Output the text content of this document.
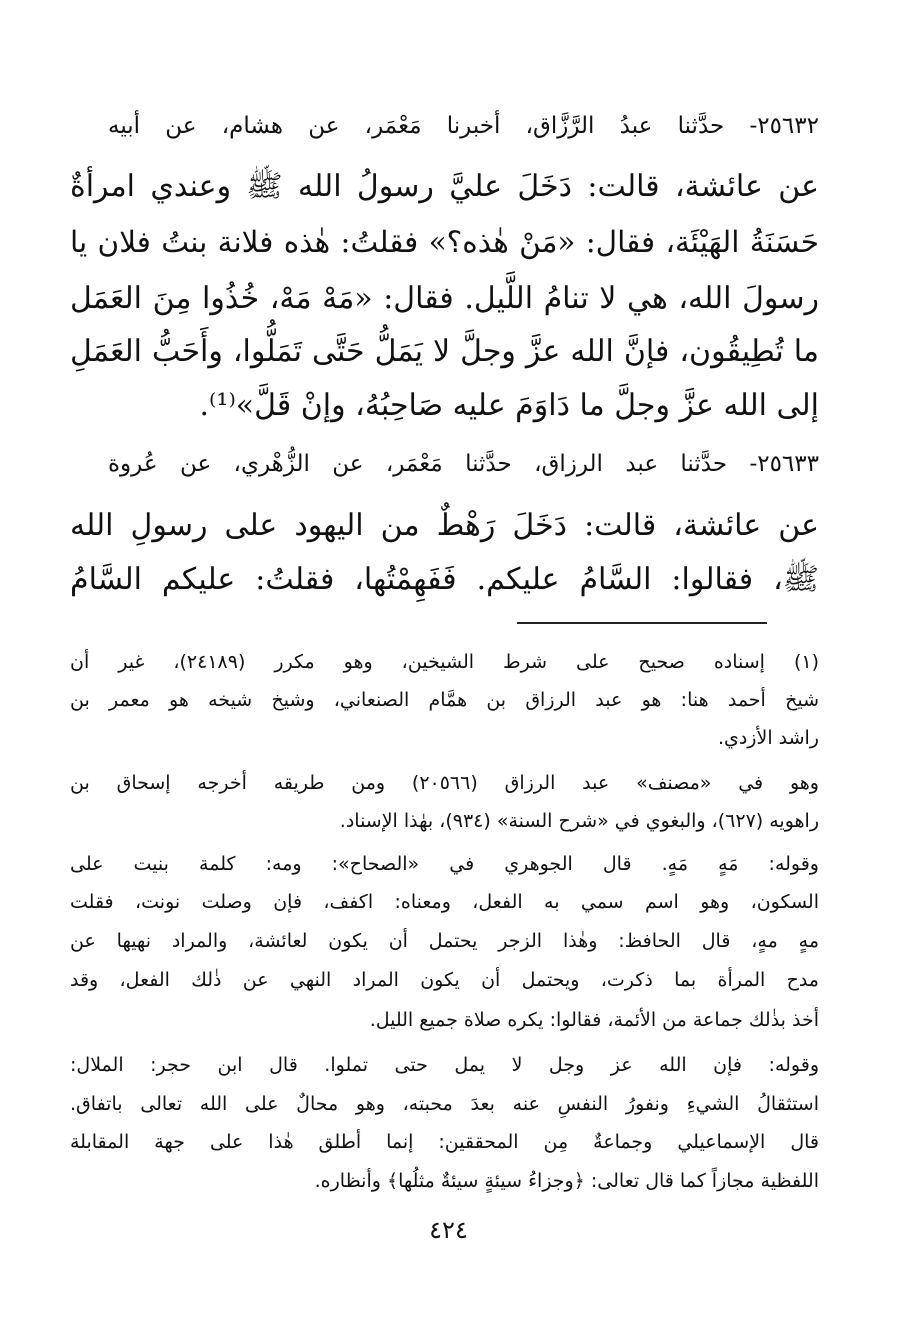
٢٥٦٣٢- حدَّثنا عبدُ الرَّزَّاق، أخبرنا مَعْمَر، عن هشام، عن أبيه
عن عائشة، قالت: دَخَلَ عليَّ رسولُ الله ﷺ وعندي امرأةٌ
حَسَنَةُ الهَيْئَة، فقال: «مَنْ هٰذه؟» فقلتُ: هٰذه فلانة بنتُ فلان يا
رسولَ الله، هي لا تنامُ اللَّيل. فقال: «مَهْ مَهْ، خُذُوا مِنَ العَمَل
ما تُطِيقُون، فإنَّ الله عزَّ وجلَّ لا يَمَلُّ حَتَّى تَمَلُّوا، وأَحَبُّ العَمَلِ
إلى الله عزَّ وجلَّ ما دَاوَمَ عليه صَاحِبُهُ، وإنْ قَلَّ»⁽¹⁾.
٢٥٦٣٣- حدَّثنا عبد الرزاق، حدَّثنا مَعْمَر، عن الزُّهْري، عن عُروة
عن عائشة، قالت: دَخَلَ رَهْطٌ من اليهود على رسولِ الله
ﷺ، فقالوا: السَّامُ عليكم. فَفَهِمْتُها، فقلتُ: عليكم السَّامُ
(١) إسناده صحيح على شرط الشيخين، وهو مكرر (٢٤١٨٩)، غير أن
شيخ أحمد هنا: هو عبد الرزاق بن همَّام الصنعاني، وشيخ شيخه هو معمر بن
راشد الأزدي.
وهو في «مصنف» عبد الرزاق (٢٠٥٦٦) ومن طريقه أخرجه إسحاق بن
راهويه (٦٢٧)، والبغوي في «شرح السنة» (٩٣٤)، بهٰذا الإسناد.
وقوله: مَهٍ مَهٍ. قال الجوهري في «الصحاح»: ومه: كلمة بنيت على
السكون، وهو اسم سمي به الفعل، ومعناه: اكفف، فإن وصلت نونت، فقلت
مهٍ مهٍ، قال الحافظ: وهٰذا الزجر يحتمل أن يكون لعائشة، والمراد نهيها عن
مدح المرأة بما ذكرت، ويحتمل أن يكون المراد النهي عن ذٰلك الفعل، وقد
أخذ بذٰلك جماعة من الأئمة، فقالوا: يكره صلاة جميع الليل.
وقوله: فإن الله عز وجل لا يمل حتى تملوا. قال ابن حجر: الملال:
استثقالُ الشيءِ ونفورُ النفسِ عنه بعدَ محبته، وهو محالٌ على الله تعالى باتفاق.
قال الإسماعيلي وجماعةٌ مِن المحققين: إنما أطلق هٰذا على جهة المقابلة
اللفظية مجازاً كما قال تعالى: ﴿وجزاءُ سيئةٍ سيئةٌ مثلُها﴾ وأنظاره.
٤٢٤
